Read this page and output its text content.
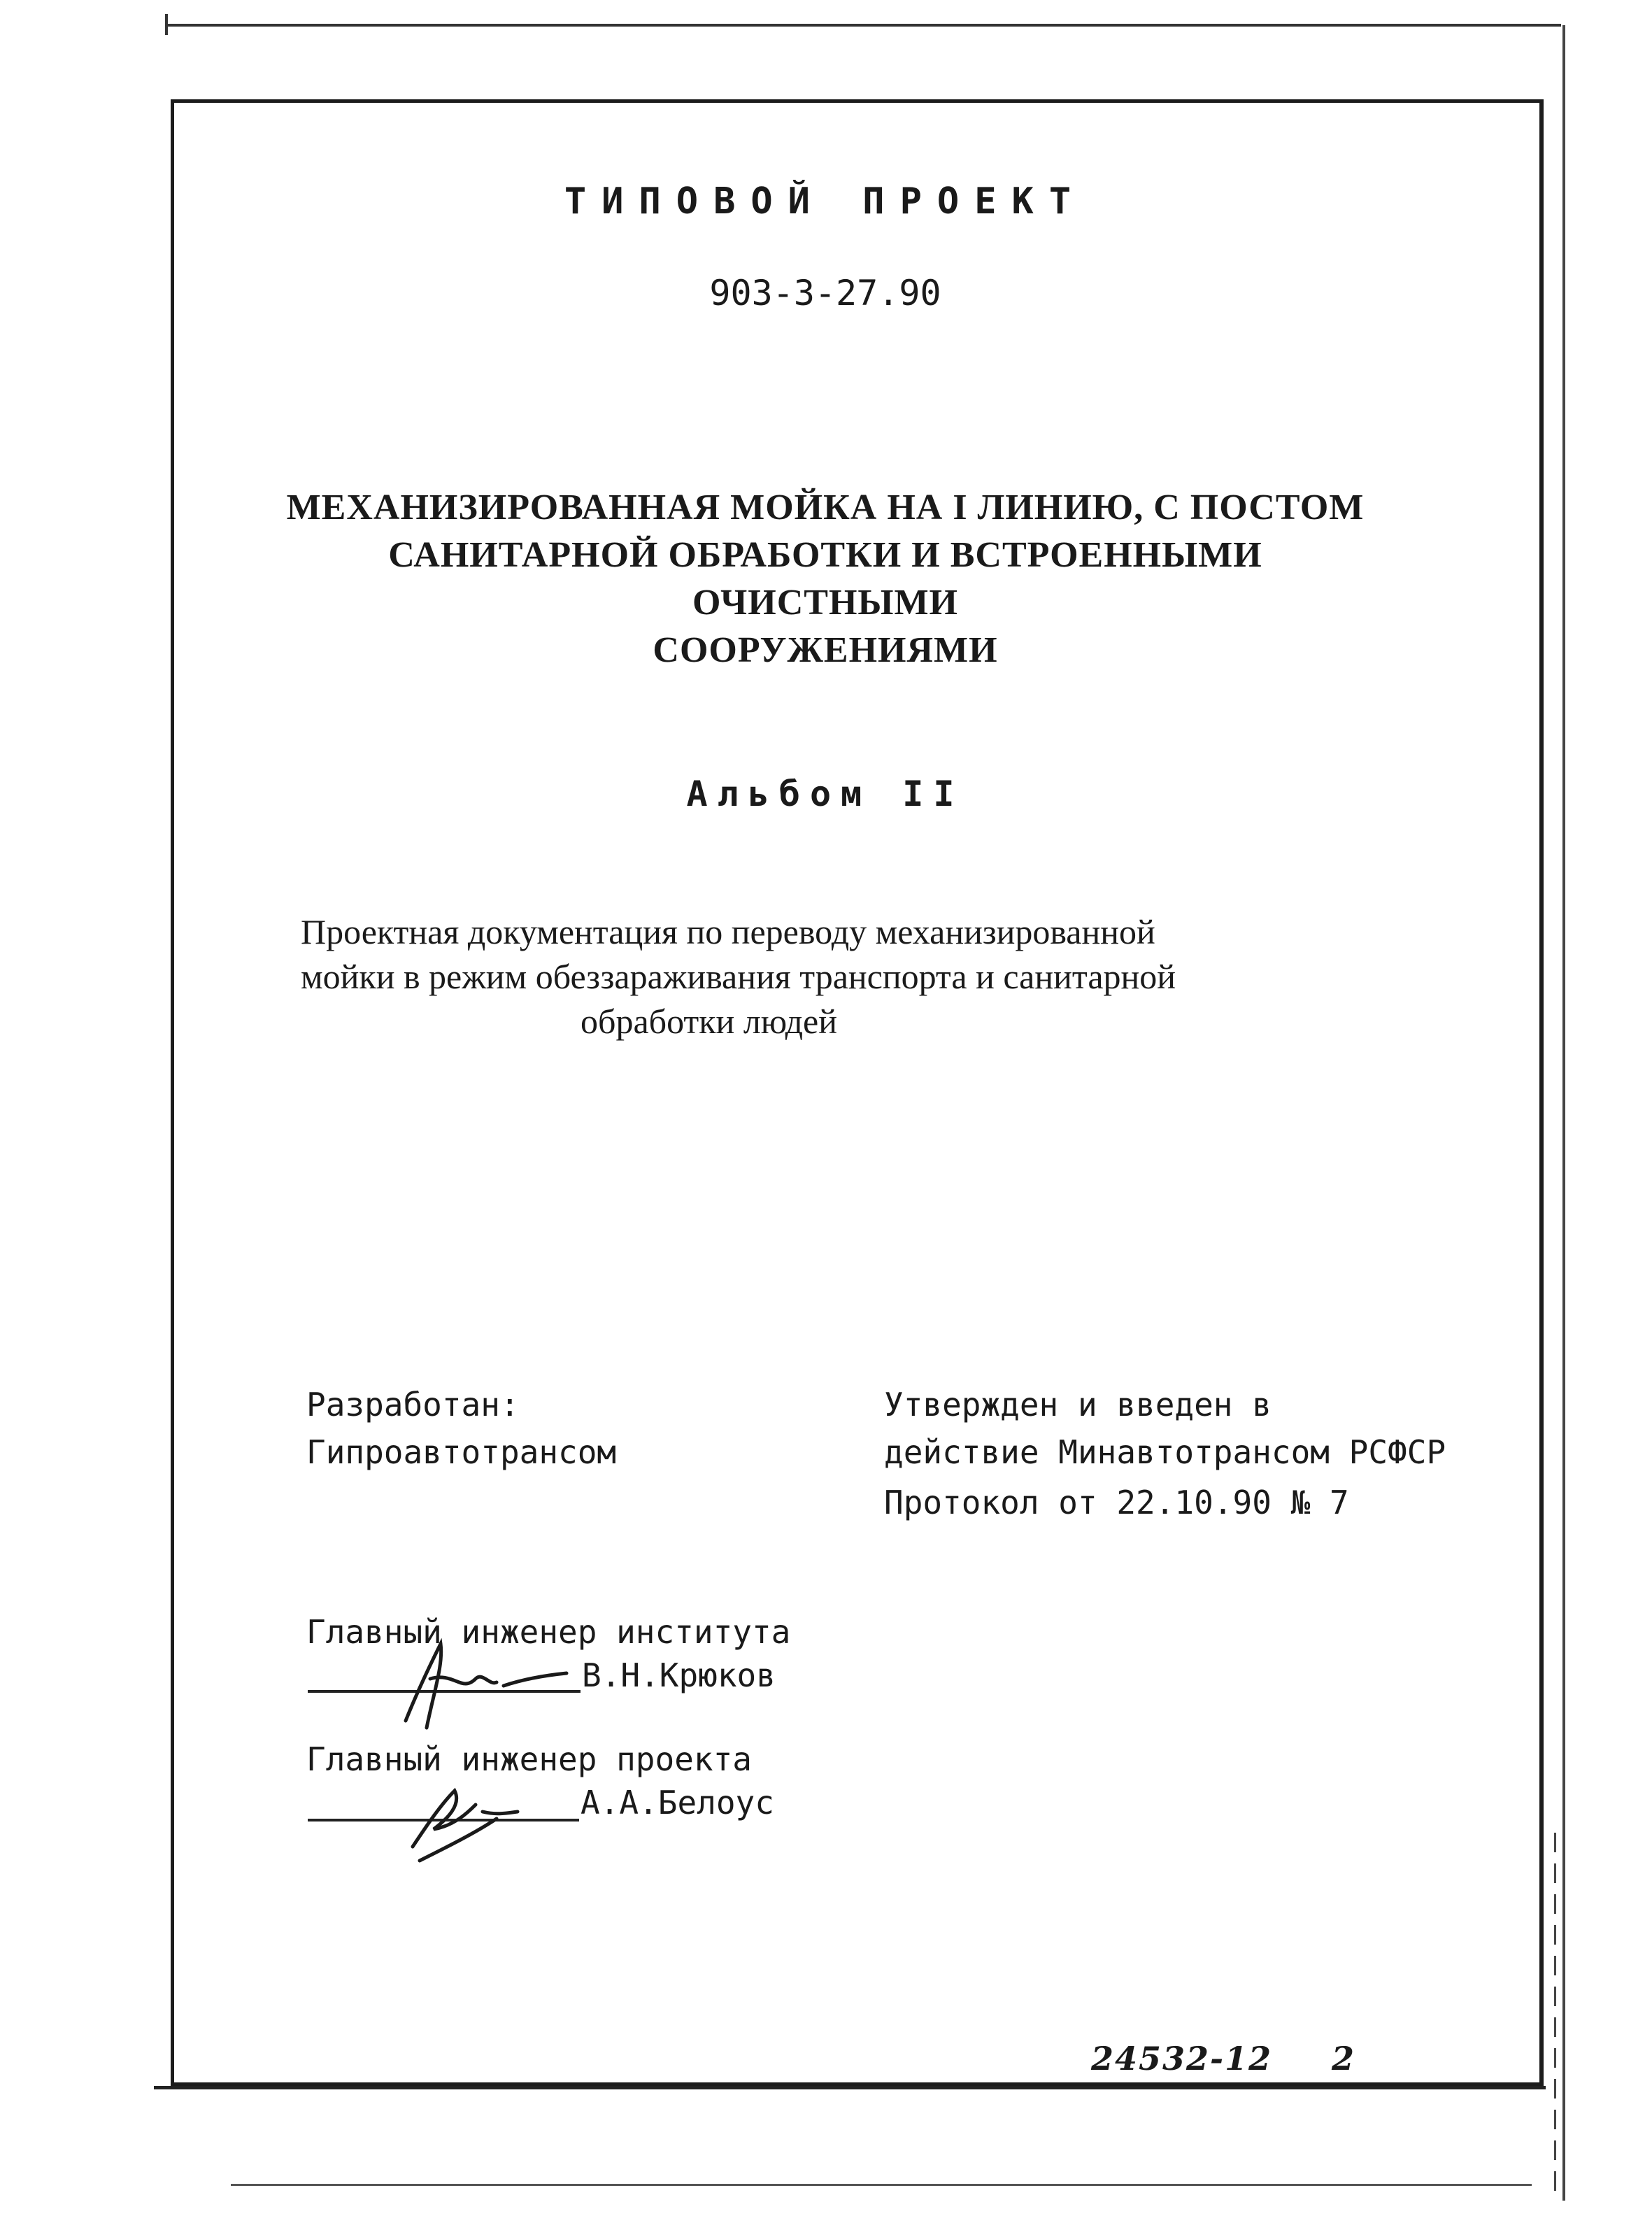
ТИПОВОЙ ПРОЕКТ
903-3-27.90
МЕХАНИЗИРОВАННАЯ МОЙКА НА I ЛИНИЮ, С ПОСТОМ
САНИТАРНОЙ ОБРАБОТКИ И ВСТРОЕННЫМИ ОЧИСТНЫМИ
СООРУЖЕНИЯМИ
Альбом II
Проектная документация по переводу механизированной
мойки в режим обеззараживания транспорта и санитарной
обработки людей
Разработан:
Гипроавтотрансом
Утвержден и введен в
действие Минавтотрансом РСФСР
Протокол от 22.10.90 № 7
Главный инженер института
В.Н.Крюков
Главный инженер проекта
А.А.Белоус
24532-12 2
